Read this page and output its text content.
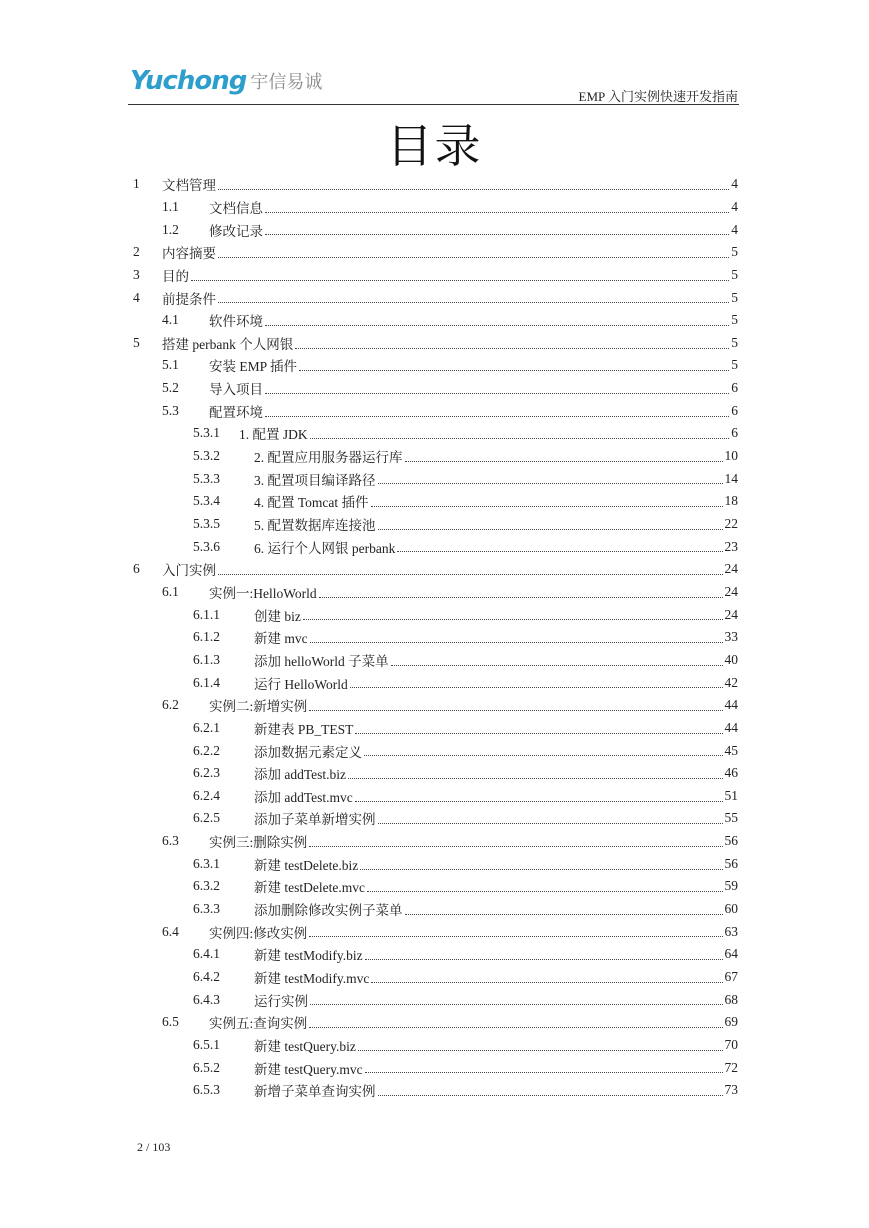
Yuchong 宇信易诚
EMP 入门实例快速开发指南
目录
1 文档管理	4
1.1 文档信息	4
1.2 修改记录	4
2 内容摘要	5
3 目的	5
4 前提条件	5
4.1 软件环境	5
5 搭建 perbank 个人网银	5
5.1 安装 EMP 插件	5
5.2 导入项目	6
5.3 配置环境	6
5.3.1 1. 配置 JDK	6
5.3.2	2. 配置应用服务器运行库	10
5.3.3	3. 配置项目编译路径	14
5.3.4	4. 配置 Tomcat 插件	18
5.3.5	5. 配置数据库连接池	22
5.3.6	6. 运行个人网银 perbank	23
6 入门实例	24
6.1 实例一:HelloWorld	24
6.1.1	创建 biz	24
6.1.2	新建 mvc	33
6.1.3	添加 helloWorld 子菜单	40
6.1.4	运行 HelloWorld	42
6.2 实例二:新增实例	44
6.2.1	新建表 PB_TEST	44
6.2.2	添加数据元素定义	45
6.2.3	添加 addTest.biz	46
6.2.4	添加 addTest.mvc	51
6.2.5	添加子菜单新增实例	55
6.3 实例三:删除实例	56
6.3.1	新建 testDelete.biz	56
6.3.2	新建 testDelete.mvc	59
6.3.3	添加删除修改实例子菜单	60
6.4 实例四:修改实例	63
6.4.1	新建 testModify.biz	64
6.4.2	新建 testModify.mvc	67
6.4.3	运行实例	68
6.5 实例五:查询实例	69
6.5.1	新建 testQuery.biz	70
6.5.2	新建 testQuery.mvc	72
6.5.3	新增子菜单查询实例	73
2 / 103
